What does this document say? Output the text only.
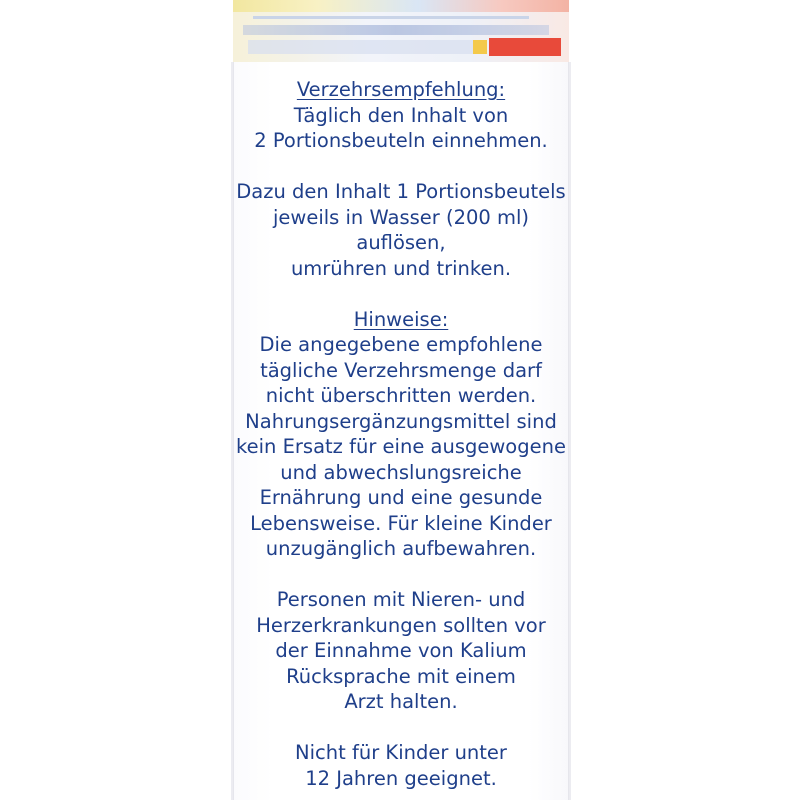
Verzehrsempfehlung:

Täglich den Inhalt von
2 Portionsbeuteln einnehmen.

Dazu den Inhalt 1 Portionsbeutels
jeweils in Wasser (200 ml) auflösen,
umrühren und trinken.

Hinweise:

Die angegebene empfohlene
tägliche Verzehrsmenge darf
nicht überschritten werden.
Nahrungsergänzungsmittel sind
kein Ersatz für eine ausgewogene
und abwechslungsreiche
Ernährung und eine gesunde
Lebensweise. Für kleine Kinder
unzugänglich aufbewahren.

Personen mit Nieren- und
Herzerkrankungen sollten vor
der Einnahme von Kalium
Rücksprache mit einem
Arzt halten.

Nicht für Kinder unter
12 Jahren geeignet.
